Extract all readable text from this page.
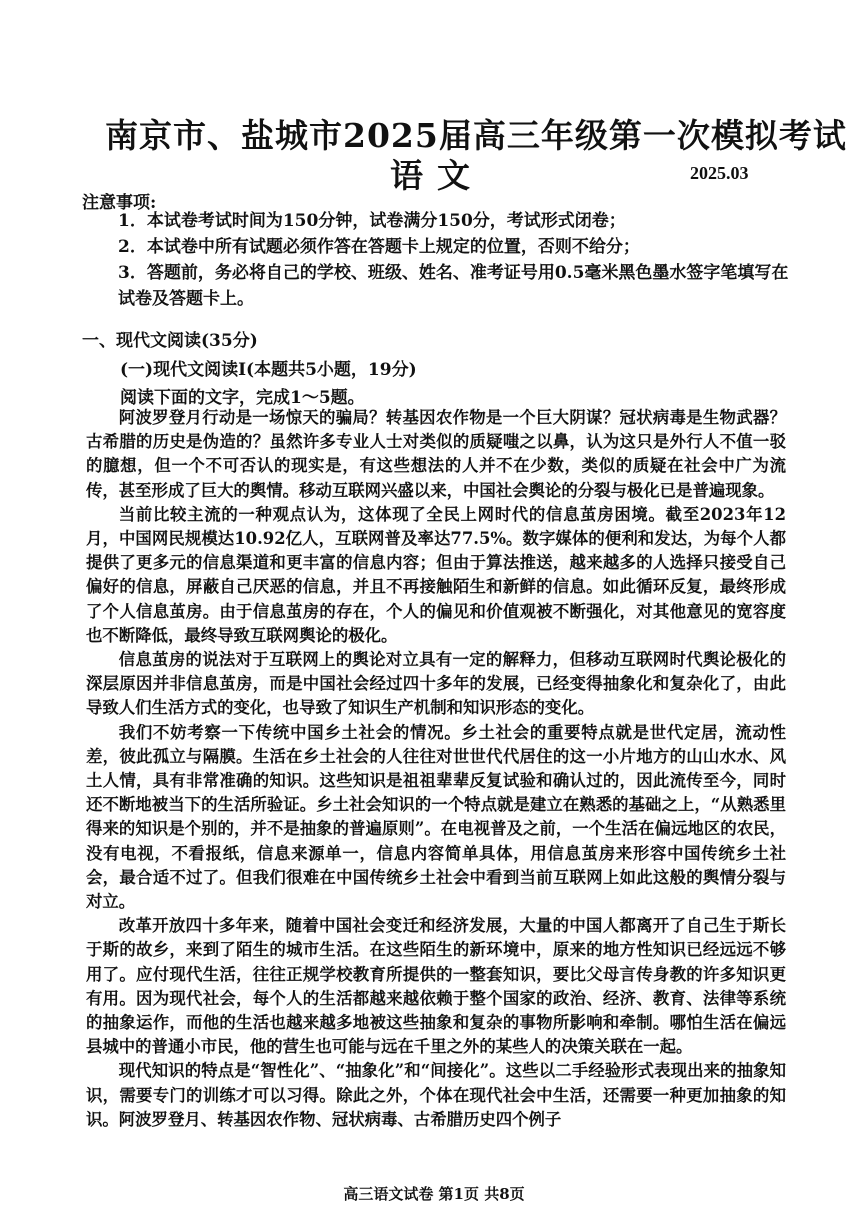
南京市、盐城市2025届高三年级第一次模拟考试
语文	2025.03
注意事项:
1．本试卷考试时间为150分钟，试卷满分150分，考试形式闭卷；
2．本试卷中所有试题必须作答在答题卡上规定的位置，否则不给分；
3．答题前，务必将自己的学校、班级、姓名、准考证号用0.5毫米黑色墨水签字笔填写在试卷及答题卡上。
一、现代文阅读(35分)
(一)现代文阅读Ⅰ(本题共5小题，19分)
阅读下面的文字，完成1～5题。

阿波罗登月行动是一场惊天的骗局？转基因农作物是一个巨大阴谋？冠状病毒是生物武器？古希腊的历史是伪造的？虽然许多专业人士对类似的质疑嗤之以鼻，认为这只是外行人不值一驳的臆想，但一个不可否认的现实是，有这些想法的人并不在少数，类似的质疑在社会中广为流传，甚至形成了巨大的舆情。移动互联网兴盛以来，中国社会舆论的分裂与极化已是普遍现象。

当前比较主流的一种观点认为，这体现了全民上网时代的信息茧房困境。截至2023年12月，中国网民规模达10.92亿人，互联网普及率达77.5%。数字媒体的便利和发达，为每个人都提供了更多元的信息渠道和更丰富的信息内容；但由于算法推送，越来越多的人选择只接受自己偏好的信息，屏蔽自己厌恶的信息，并且不再接触陌生和新鲜的信息。如此循环反复，最终形成了个人信息茧房。由于信息茧房的存在，个人的偏见和价值观被不断强化，对其他意见的宽容度也不断降低，最终导致互联网舆论的极化。

信息茧房的说法对于互联网上的舆论对立具有一定的解释力，但移动互联网时代舆论极化的深层原因并非信息茧房，而是中国社会经过四十多年的发展，已经变得抽象化和复杂化了，由此导致人们生活方式的变化，也导致了知识生产机制和知识形态的变化。

我们不妨考察一下传统中国乡土社会的情况。乡土社会的重要特点就是世代定居，流动性差，彼此孤立与隔膜。生活在乡土社会的人往往对世世代代居住的这一小片地方的山山水水、风土人情，具有非常准确的知识。这些知识是祖祖辈辈反复试验和确认过的，因此流传至今，同时还不断地被当下的生活所验证。乡土社会知识的一个特点就是建立在熟悉的基础之上，“从熟悉里得来的知识是个别的，并不是抽象的普遍原则”。在电视普及之前，一个生活在偏远地区的农民，没有电视，不看报纸，信息来源单一，信息内容简单具体，用信息茧房来形容中国传统乡土社会，最合适不过了。但我们很难在中国传统乡土社会中看到当前互联网上如此这般的舆情分裂与对立。

改革开放四十多年来，随着中国社会变迁和经济发展，大量的中国人都离开了自己生于斯长于斯的故乡，来到了陌生的城市生活。在这些陌生的新环境中，原来的地方性知识已经远远不够用了。应付现代生活，往往正规学校教育所提供的一整套知识，要比父母言传身教的许多知识更有用。因为现代社会，每个人的生活都越来越依赖于整个国家的政治、经济、教育、法律等系统的抽象运作，而他的生活也越来越多地被这些抽象和复杂的事物所影响和牵制。哪怕生活在偏远县城中的普通小市民，他的营生也可能与远在千里之外的某些人的决策关联在一起。

现代知识的特点是“智性化”、“抽象化”和“间接化”。这些以二手经验形式表现出来的抽象知识，需要专门的训练才可以习得。除此之外，个体在现代社会中生活，还需要一种更加抽象的知识。阿波罗登月、转基因农作物、冠状病毒、古希腊历史四个例子

高三语文试卷 第1页 共8页
